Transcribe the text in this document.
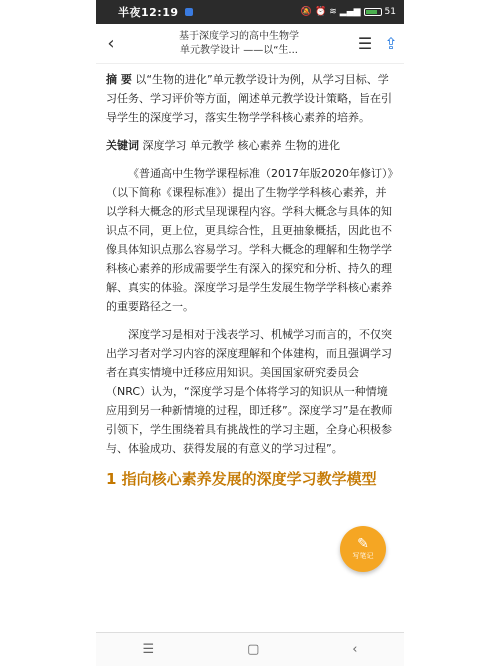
半夜12:19	🔕 ⏰ ≋ ▂▄▆	51
‹	基于深度学习的高中生物学
单元教学设计 ——以“生...	☰ ⇪

摘 要 以“生物的进化”单元教学设计为例，从学习目标、学习任务、学习评价等方面，阐述单元教学设计策略，旨在引导学生的深度学习，落实生物学学科核心素养的培养。

关键词 深度学习 单元教学 核心素养 生物的进化

《普通高中生物学课程标准（2017年版2020年修订）》（以下简称《课程标准》）提出了生物学学科核心素养，并以学科大概念的形式呈现课程内容。学科大概念与具体的知识点不同，更上位，更具综合性，且更抽象概括，因此也不像具体知识点那么容易学习。学科大概念的理解和生物学学科核心素养的形成需要学生有深入的探究和分析、持久的理解、真实的体验。深度学习是学生发展生物学学科核心素养的重要路径之一。

深度学习是相对于浅表学习、机械学习而言的，不仅突出学习者对学习内容的深度理解和个体建构，而且强调学习者在真实情境中迁移应用知识。美国国家研究委员会（NRC）认为，“深度学习是个体将学习的知识从一种情境应用到另一种新情境的过程，即迁移”。深度学习”是在教师引领下，学生围绕着具有挑战性的学习主题，全身心积极参与、体验成功、获得发展的有意义的学习过程”。

1 指向核心素养发展的深度学习教学模型
✎
写笔记
☰	▢	‹
